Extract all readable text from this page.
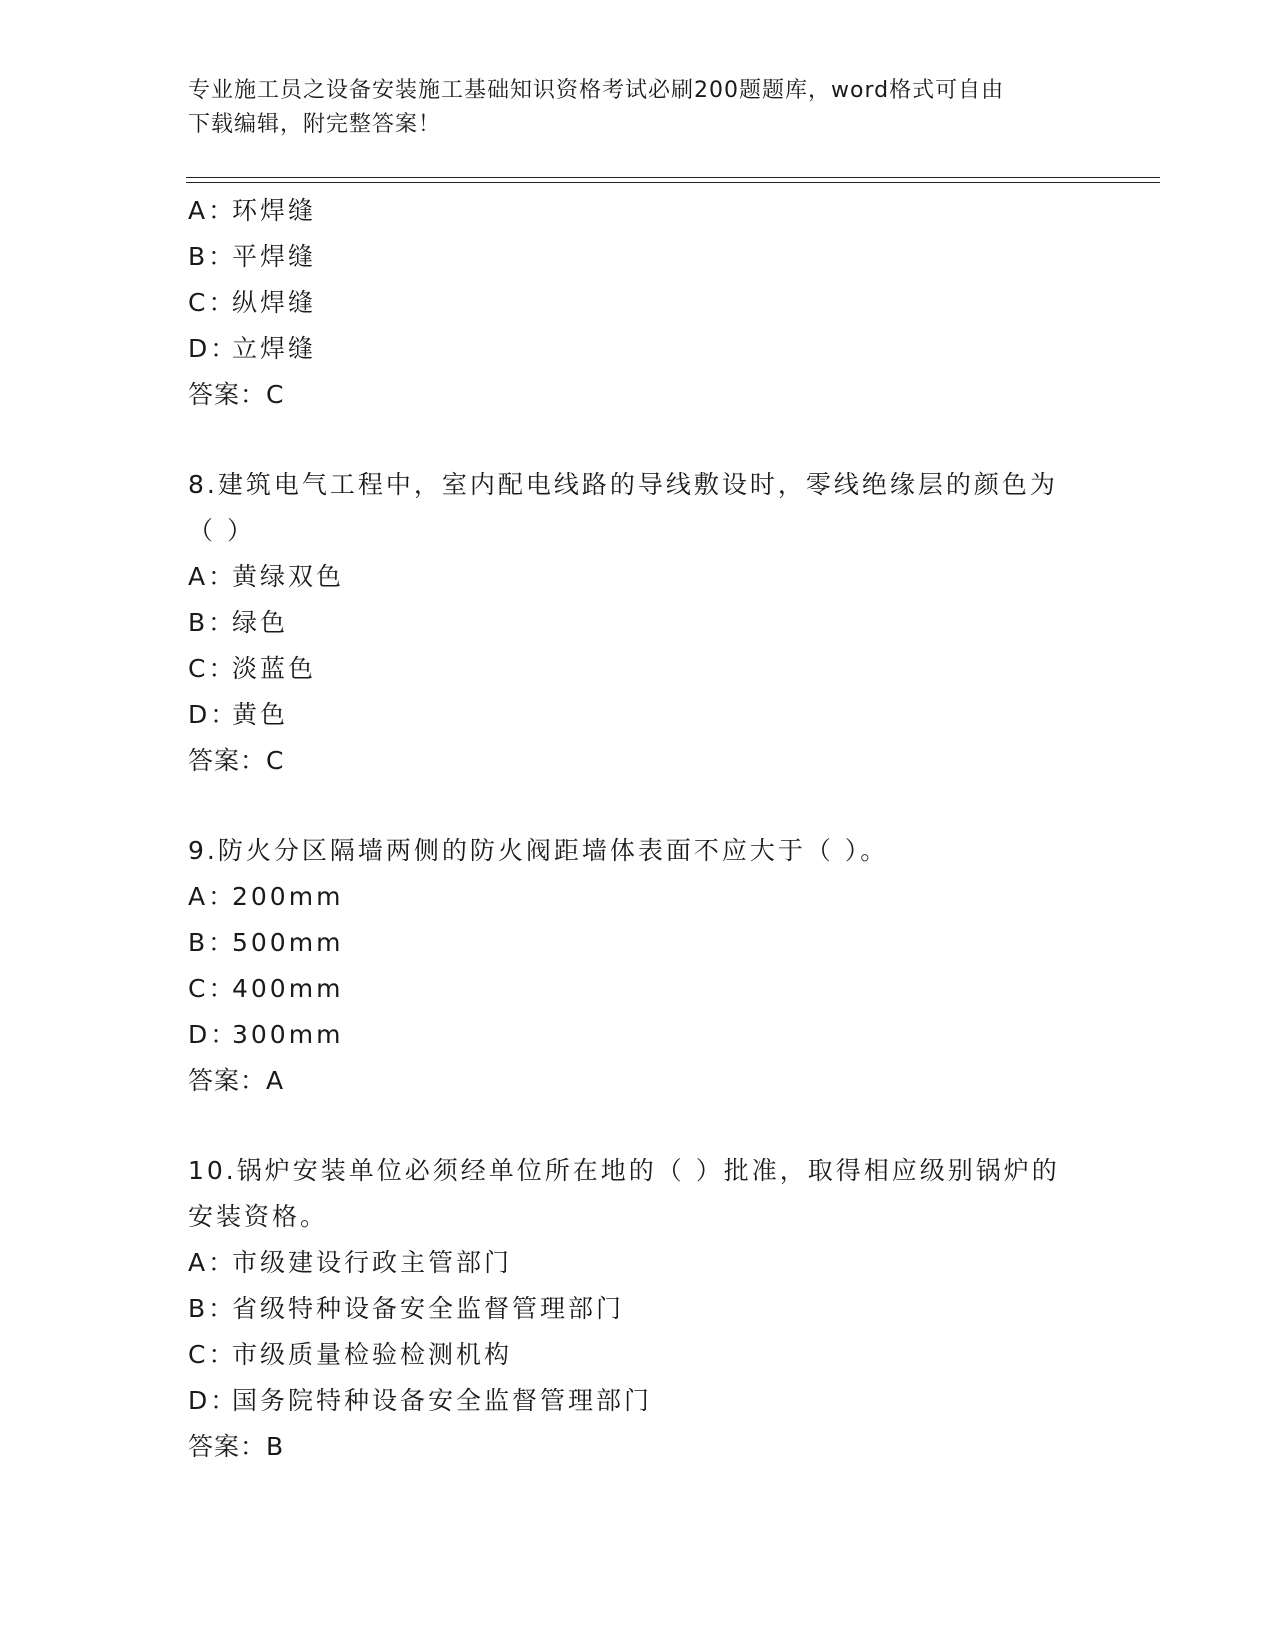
专业施工员之设备安装施工基础知识资格考试必刷200题题库，word格式可自由
下载编辑，附完整答案！
A：环焊缝
B：平焊缝
C：纵焊缝
D：立焊缝
答案：C
8.建筑电气工程中，室内配电线路的导线敷设时，零线绝缘层的颜色为（ ）
A：黄绿双色
B：绿色
C：淡蓝色
D：黄色
答案：C
9.防火分区隔墙两侧的防火阀距墙体表面不应大于（ ）。
A：200mm
B：500mm
C：400mm
D：300mm
答案：A
10.锅炉安装单位必须经单位所在地的（ ）批准，取得相应级别锅炉的安装资格。
A：市级建设行政主管部门
B：省级特种设备安全监督管理部门
C：市级质量检验检测机构
D：国务院特种设备安全监督管理部门
答案：B
